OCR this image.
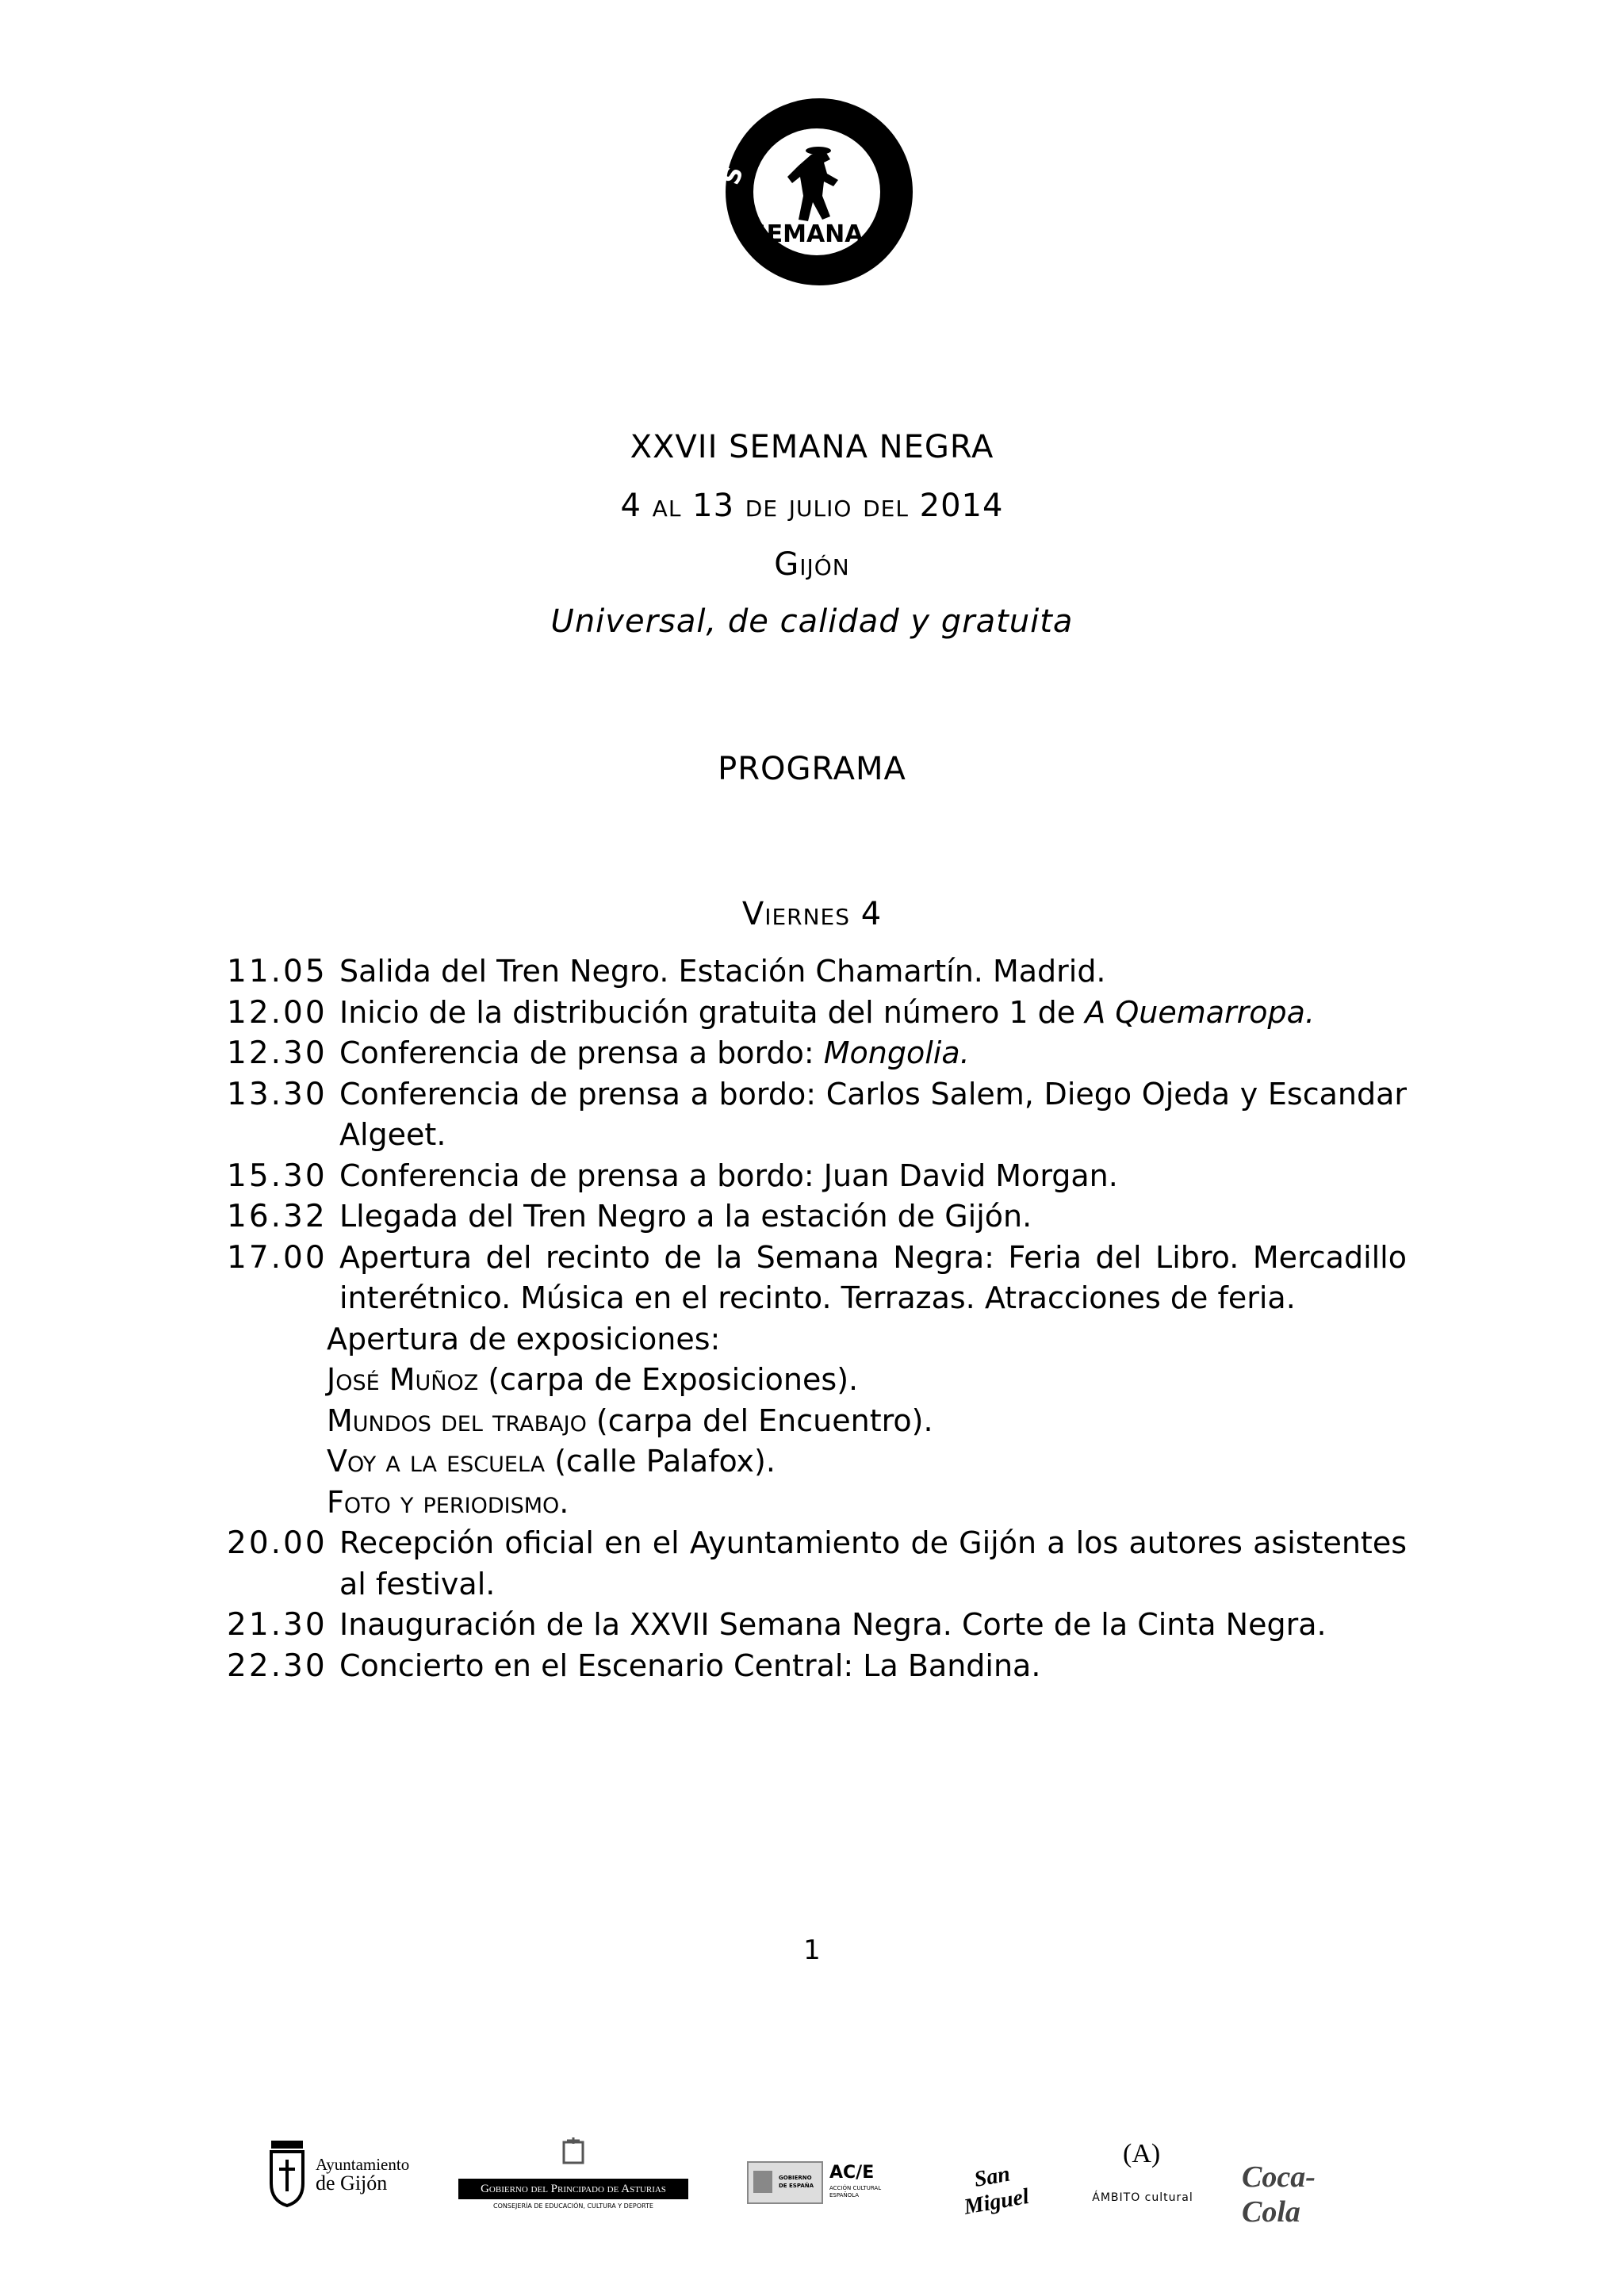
S
SEMANA
XXVII SEMANA NEGRA
4 al 13 de julio del 2014
Gijón
Universal, de calidad y gratuita
PROGRAMA
Viernes 4
11.05 Salida del Tren Negro. Estación Chamartín. Madrid.
12.00 Inicio de la distribución gratuita del número 1 de A Quemarropa.
12.30 Conferencia de prensa a bordo: Mongolia.
13.30 Conferencia de prensa a bordo: Carlos Salem, Diego Ojeda y Escandar Algeet.
15.30 Conferencia de prensa a bordo: Juan David Morgan.
16.32 Llegada del Tren Negro a la estación de Gijón.
17.00 Apertura del recinto de la Semana Negra: Feria del Libro. Mercadillo interétnico. Música en el recinto. Terrazas. Atracciones de feria.
Apertura de exposiciones:
José Muñoz (carpa de Exposiciones).
Mundos del trabajo (carpa del Encuentro).
Voy a la escuela (calle Palafox).
Foto y periodismo.
20.00 Recepción oficial en el Ayuntamiento de Gijón a los autores asistentes al festival.
21.30 Inauguración de la XXVII Semana Negra. Corte de la Cinta Negra.
22.30 Concierto en el Escenario Central: La Bandina.
1
Ayuntamiento
de Gijón	Gobierno del Principado de Asturias
CONSEJERÍA DE EDUCACIÓN, CULTURA Y DEPORTE
GOBIERNO DE ESPAÑA
AC/E
ACCIÓN CULTURAL
ESPAÑOLA
San Miguel
(A)
ÁMBITO cultural
Coca-Cola
